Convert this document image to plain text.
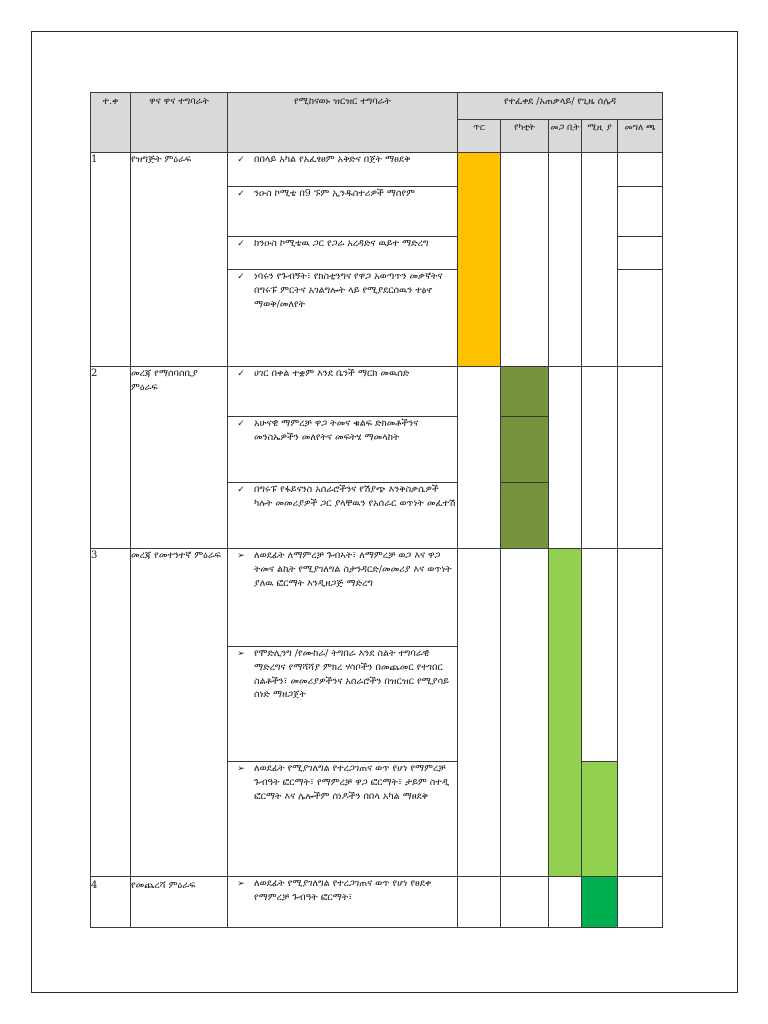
ተ.ቀ	ዋና ዋና ተግባራት	የሚከናወኑ ዝርዝር ተግባራት	የተፈቀደ /አጠቃላይ/ የጊዜ ሰሌዳ				
			ጥር	የካቲት	መጋ ቢት	ሚዚ ያ	መግለ ጫ
1	የዝግጅት ምዕራፍ	✓ በበላይ አካል የአፈፃፀም አቅድና በጀት ማፀደቅ					

		✓ ንዑስ ኮሚቴ በ9 ኙም ኢንዱስተሪዎች ማሰየም					

		✓ ከንዑስ ኮሚቴዉ ጋር የጋራ አረዳድና ዉይተ ማድረግ					

		✓ ነባሩን የጉብኝት፣ የክስቲንግና የዋጋ አወጣጥን መቃኛትና በግሩፑ ምርትና አገልግሎት ላይ የሚያደርሰዉን ተፅኖ ማወቅ/መለየት					

2	መረጃ የማሰባሰቢያ ምዕራፍ	✓ ሀገር በቀል ተቋም እንደ ቤንች ማርክ መዉሰድ					

		✓ አሁናዊ ማምረቻ ዋጋ ትመና ቁልፍ ድክመቶችንና መንስኤዎችን መለየትና መፍትሄ ማመላከት					

		✓ በግሩፑ የፋይናንስ አሰራሮችንና የሽያጭ እንቅስቃሴዎች ካሉት መመሪያዎች ጋር ያላቸዉን የአሰራር ወጥነት መፈተሽ					

3	መረጃ የመተንተኛ ምዕራፍ	➢ ለወደፊት ለማምረቻ ጉብኣት፣ ለማምረቻ ወጋ እና ዋጋ ትመና ልኬት የሚያገለግል ስታንዳርድ/መመሪያ እና ወጥነት ያለዉ ፎርማት እንዲዘጋጅ ማድረግ					

		➢ የሞድሊንግ /የሙከራ/ ትግበራ እንደ ስልት ተግባራዊ ማድረግና የማሻሻያ ምክረ ሃሳቦችን በመጨመር የተገበር ስልቶችን፣ መመሪያዎችንና አሰራሮችን በዝርዝር የሚያሳይ ሰነድ ማዘጋጀት					

		➢ ለወደፊት የሚያገለግል የተረጋገጠና ወጥ የሆነ የማምረቻ ጉብዓት ፎርማት፣ የማምረቻ ዋጋ ፎርማት፣ ታይም ስተዲ ፎርማት እና ሌሎችም ሰነዶችን በበላ አካል ማፀደቅ					

4	የመጨረሻ ምዕራፍ	➢ ለወደፊት የሚያገለግል የተረጋገጠና ወጥ የሆነ የፀደቀ የማምረቻ ጉብዓት ፎርማት፣					
